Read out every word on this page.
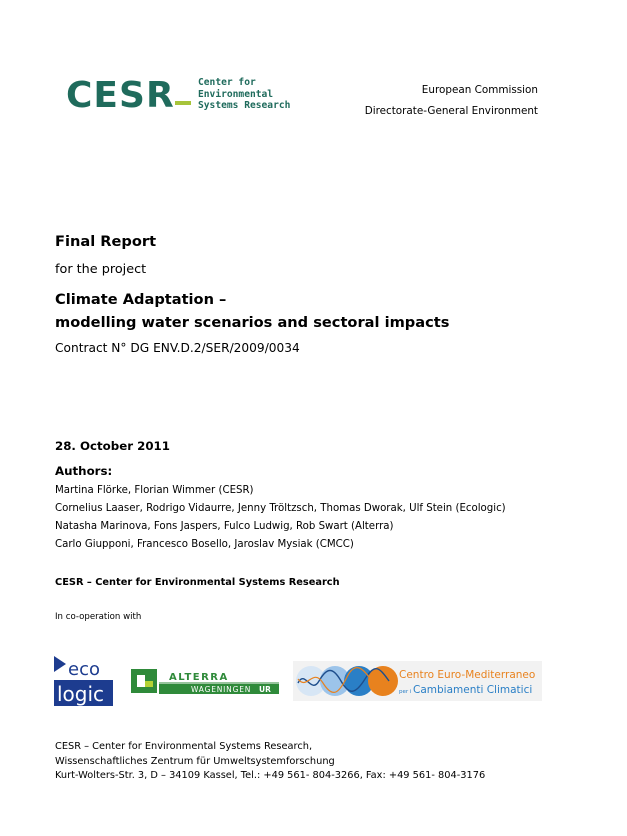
CESR Center for
Environmental
Systems Research
European Commission
Directorate-General Environment
Final Report
for the project
Climate Adaptation –
modelling water scenarios and sectoral impacts
Contract N° DG ENV.D.2/SER/2009/0034
28. October 2011
Authors:
Martina Flörke, Florian Wimmer (CESR)
Cornelius Laaser, Rodrigo Vidaurre, Jenny Tröltzsch, Thomas Dworak, Ulf Stein (Ecologic)
Natasha Marinova, Fons Jaspers, Fulco Ludwig, Rob Swart (Alterra)
Carlo Giupponi, Francesco Bosello, Jaroslav Mysiak (CMCC)
CESR – Center for Environmental Systems Research
In co-operation with
eco
logic
ALTERRA
WAGENINGEN UR
Centro Euro-Mediterraneo
per i Cambiamenti Climatici
CESR – Center for Environmental Systems Research,
Wissenschaftliches Zentrum für Umweltsystemforschung
Kurt-Wolters-Str. 3, D – 34109 Kassel, Tel.: +49 561- 804-3266, Fax: +49 561- 804-3176
